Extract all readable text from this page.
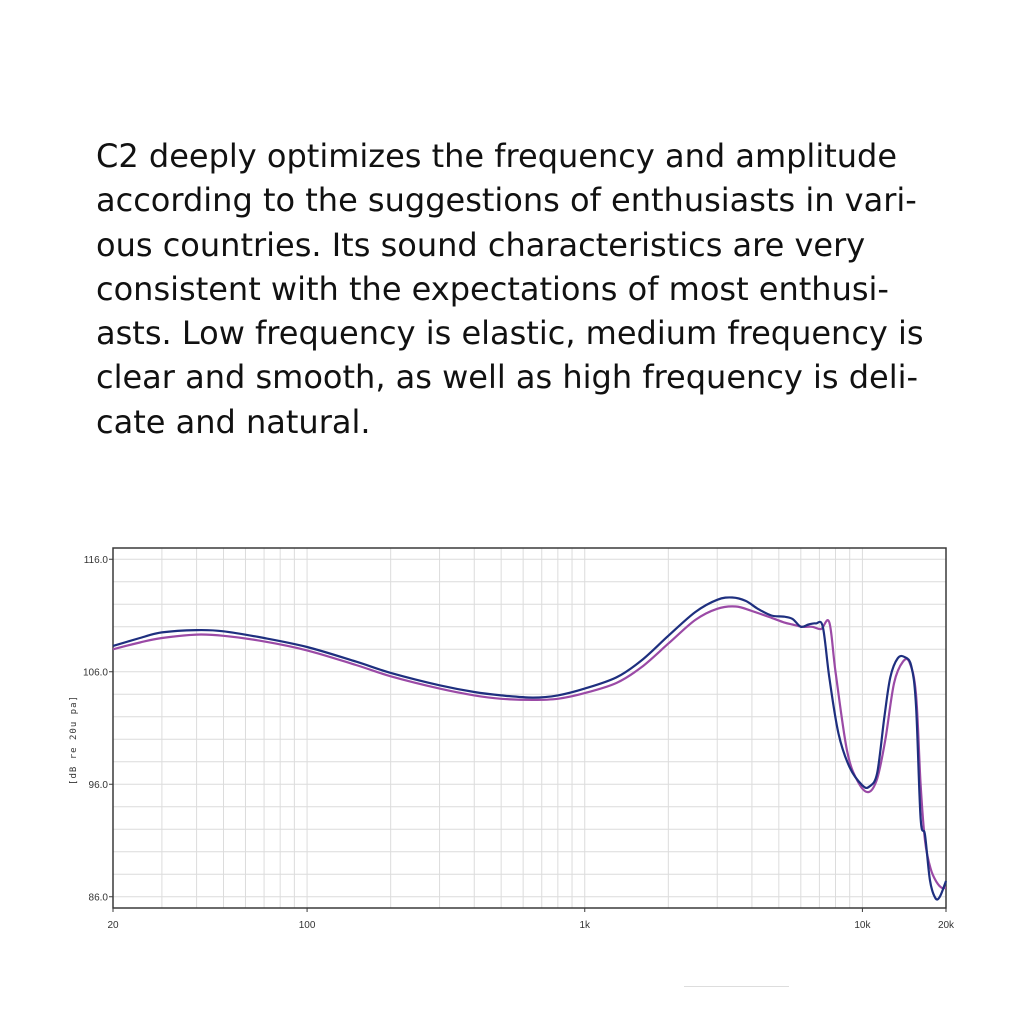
C2 deeply optimizes the frequency and amplitude
according to the suggestions of enthusiasts in vari-
ous countries. Its sound characteristics are very
consistent with the expectations of most enthusi-
asts. Low frequency is elastic, medium frequency is
clear and smooth, as well as high frequency is deli-
cate and natural.
116.0
106.0
96.0
86.0
20	100	1k	10k	20k
[dB re 20u pa]
